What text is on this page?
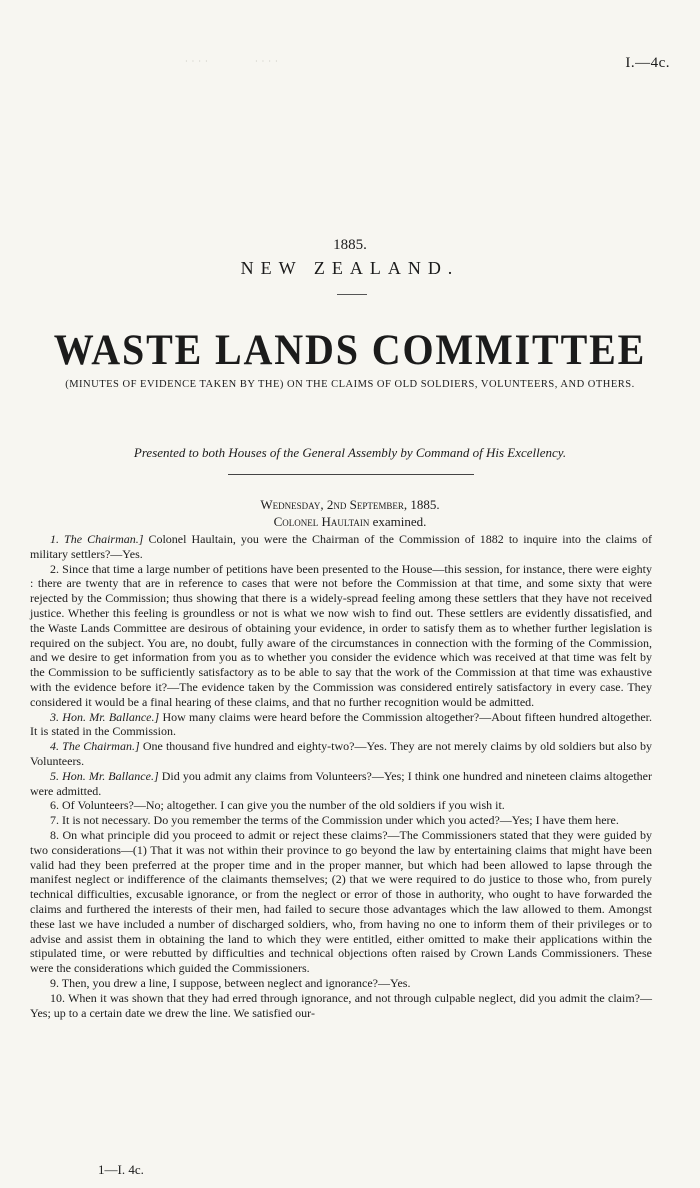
· · · ·	· · · ·	I.—4c.
1885.
NEW ZEALAND.
WASTE LANDS COMMITTEE
(MINUTES OF EVIDENCE TAKEN BY THE) ON THE CLAIMS OF OLD SOLDIERS, VOLUNTEERS, AND OTHERS.
Presented to both Houses of the General Assembly by Command of His Excellency.
Wednesday, 2nd September, 1885.
Colonel Haultain examined.

1. The Chairman.] Colonel Haultain, you were the Chairman of the Commission of 1882 to inquire into the claims of military settlers?—Yes.

2. Since that time a large number of petitions have been presented to the House—this session, for instance, there were eighty : there are twenty that are in reference to cases that were not before the Commission at that time, and some sixty that were rejected by the Commission; thus showing that there is a widely-spread feeling among these settlers that they have not received justice. Whether this feeling is groundless or not is what we now wish to find out. These settlers are evidently dissatisfied, and the Waste Lands Committee are desirous of obtaining your evidence, in order to satisfy them as to whether further legislation is required on the subject. You are, no doubt, fully aware of the circumstances in connection with the forming of the Commission, and we desire to get information from you as to whether you consider the evidence which was received at that time was felt by the Commission to be sufficiently satisfactory as to be able to say that the work of the Commission at that time was exhaustive with the evidence before it?—The evidence taken by the Commission was considered entirely satisfactory in every case. They considered it would be a final hearing of these claims, and that no further recognition would be admitted.

3. Hon. Mr. Ballance.] How many claims were heard before the Commission altogether?—About fifteen hundred altogether. It is stated in the Commission.

4. The Chairman.] One thousand five hundred and eighty-two?—Yes. They are not merely claims by old soldiers but also by Volunteers.

5. Hon. Mr. Ballance.] Did you admit any claims from Volunteers?—Yes; I think one hundred and nineteen claims altogether were admitted.

6. Of Volunteers?—No; altogether. I can give you the number of the old soldiers if you wish it.

7. It is not necessary. Do you remember the terms of the Commission under which you acted?—Yes; I have them here.

8. On what principle did you proceed to admit or reject these claims?—The Commissioners stated that they were guided by two considerations—(1) That it was not within their province to go beyond the law by entertaining claims that might have been valid had they been preferred at the proper time and in the proper manner, but which had been allowed to lapse through the manifest neglect or indifference of the claimants themselves; (2) that we were required to do justice to those who, from purely technical difficulties, excusable ignorance, or from the neglect or error of those in authority, who ought to have forwarded the claims and furthered the interests of their men, had failed to secure those advantages which the law allowed to them. Amongst these last we have included a number of discharged soldiers, who, from having no one to inform them of their privileges or to advise and assist them in obtaining the land to which they were entitled, either omitted to make their applications within the stipulated time, or were rebutted by difficulties and technical objections often raised by Crown Lands Commissioners. These were the considerations which guided the Commissioners.

9. Then, you drew a line, I suppose, between neglect and ignorance?—Yes.

10. When it was shown that they had erred through ignorance, and not through culpable neglect, did you admit the claim?—Yes; up to a certain date we drew the line. We satisfied our-

1—I. 4c.
